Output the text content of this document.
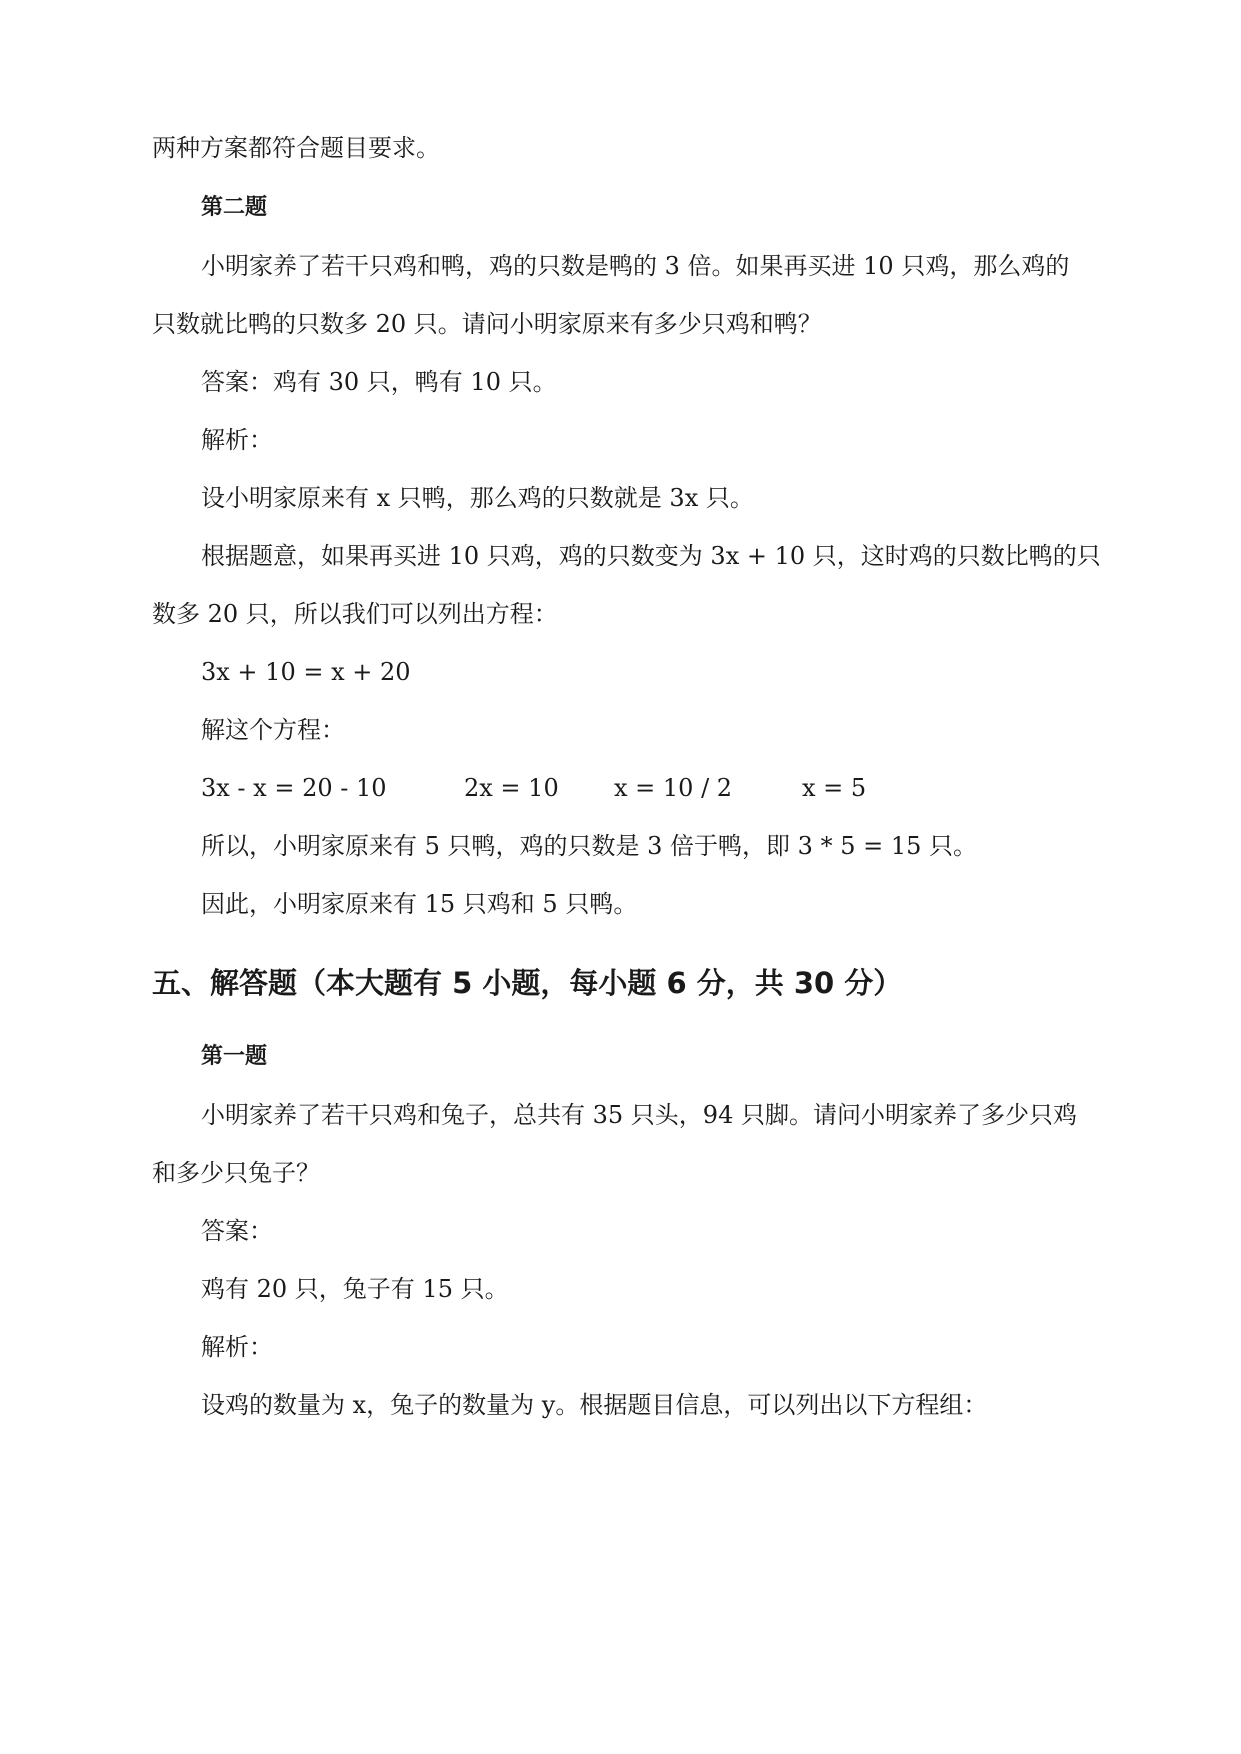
两种方案都符合题目要求。
第二题
小明家养了若干只鸡和鸭，鸡的只数是鸭的 3 倍。如果再买进 10 只鸡，那么鸡的
只数就比鸭的只数多 20 只。请问小明家原来有多少只鸡和鸭？
答案：鸡有 30 只，鸭有 10 只。
解析：
设小明家原来有 x 只鸭，那么鸡的只数就是 3x 只。
根据题意，如果再买进 10 只鸡，鸡的只数变为 3x + 10 只，这时鸡的只数比鸭的只
数多 20 只，所以我们可以列出方程：
3x + 10 = x + 20
解这个方程：
3x - x = 20 - 10	2x = 10 x = 10 / 2	x = 5
所以，小明家原来有 5 只鸭，鸡的只数是 3 倍于鸭，即 3 * 5 = 15 只。
因此，小明家原来有 15 只鸡和 5 只鸭。
五、解答题（本大题有 5 小题，每小题 6 分，共 30 分）
第一题
小明家养了若干只鸡和兔子，总共有 35 只头，94 只脚。请问小明家养了多少只鸡
和多少只兔子？
答案：
鸡有 20 只，兔子有 15 只。
解析：
设鸡的数量为 x，兔子的数量为 y。根据题目信息，可以列出以下方程组：
